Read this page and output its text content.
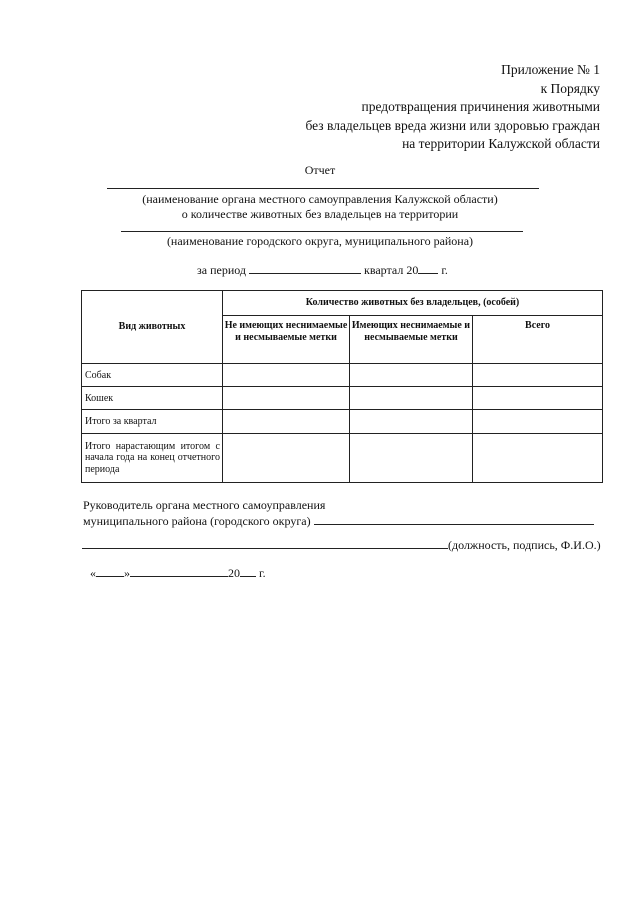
Приложение № 1
к Порядку
предотвращения причинения животными
без владельцев вреда жизни или здоровью граждан
на территории Калужской области
Отчет
(наименование органа местного самоуправления Калужской области)
о количестве животных без владельцев на территории
(наименование городского округа, муниципального района)
за период	квартал 20 г.
Вид животных	Количество животных без владельцев, (особей)		
	Не имеющих неснимаемые и несмываемые метки	Имеющих неснимаемые и несмываемые метки	Всего
Собак			
Кошек			
Итого за квартал			

Итого нарастающим итогом с начала года на конец отчетного периода			

Руководитель органа местного самоуправления
муниципального района (городского округа)
(должность, подпись, Ф.И.О.)
« »	20 г.
